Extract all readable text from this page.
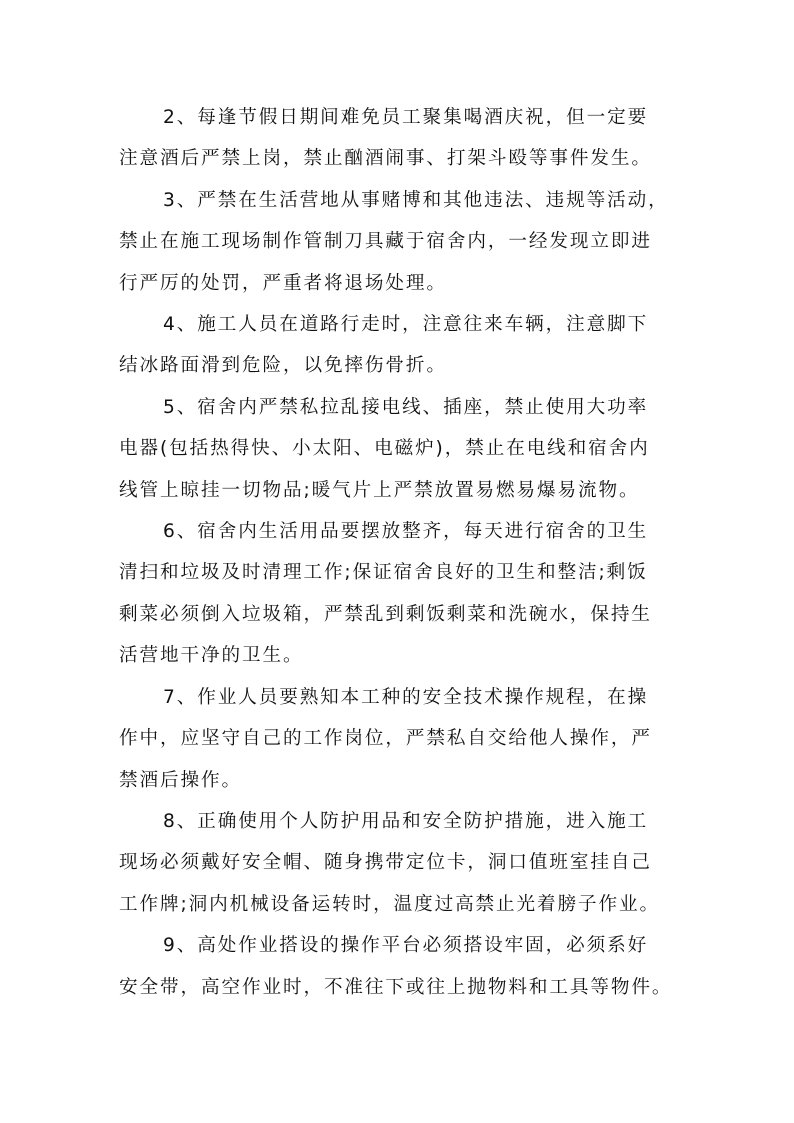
2、每逢节假日期间难免员工聚集喝酒庆祝，但一定要
注意酒后严禁上岗，禁止酗酒闹事、打架斗殴等事件发生。

3、严禁在生活营地从事赌博和其他违法、违规等活动，
禁止在施工现场制作管制刀具藏于宿舍内，一经发现立即进
行严厉的处罚，严重者将退场处理。

4、施工人员在道路行走时，注意往来车辆，注意脚下
结冰路面滑到危险，以免摔伤骨折。

5、宿舍内严禁私拉乱接电线、插座，禁止使用大功率
电器(包括热得快、小太阳、电磁炉)，禁止在电线和宿舍内
线管上晾挂一切物品;暖气片上严禁放置易燃易爆易流物。

6、宿舍内生活用品要摆放整齐，每天进行宿舍的卫生
清扫和垃圾及时清理工作;保证宿舍良好的卫生和整洁;剩饭
剩菜必须倒入垃圾箱，严禁乱到剩饭剩菜和洗碗水，保持生
活营地干净的卫生。

7、作业人员要熟知本工种的安全技术操作规程，在操
作中，应坚守自己的工作岗位，严禁私自交给他人操作，严
禁酒后操作。

8、正确使用个人防护用品和安全防护措施，进入施工
现场必须戴好安全帽、随身携带定位卡，洞口值班室挂自己
工作牌;洞内机械设备运转时，温度过高禁止光着膀子作业。

9、高处作业搭设的操作平台必须搭设牢固，必须系好
安全带，高空作业时，不准往下或往上抛物料和工具等物件。
